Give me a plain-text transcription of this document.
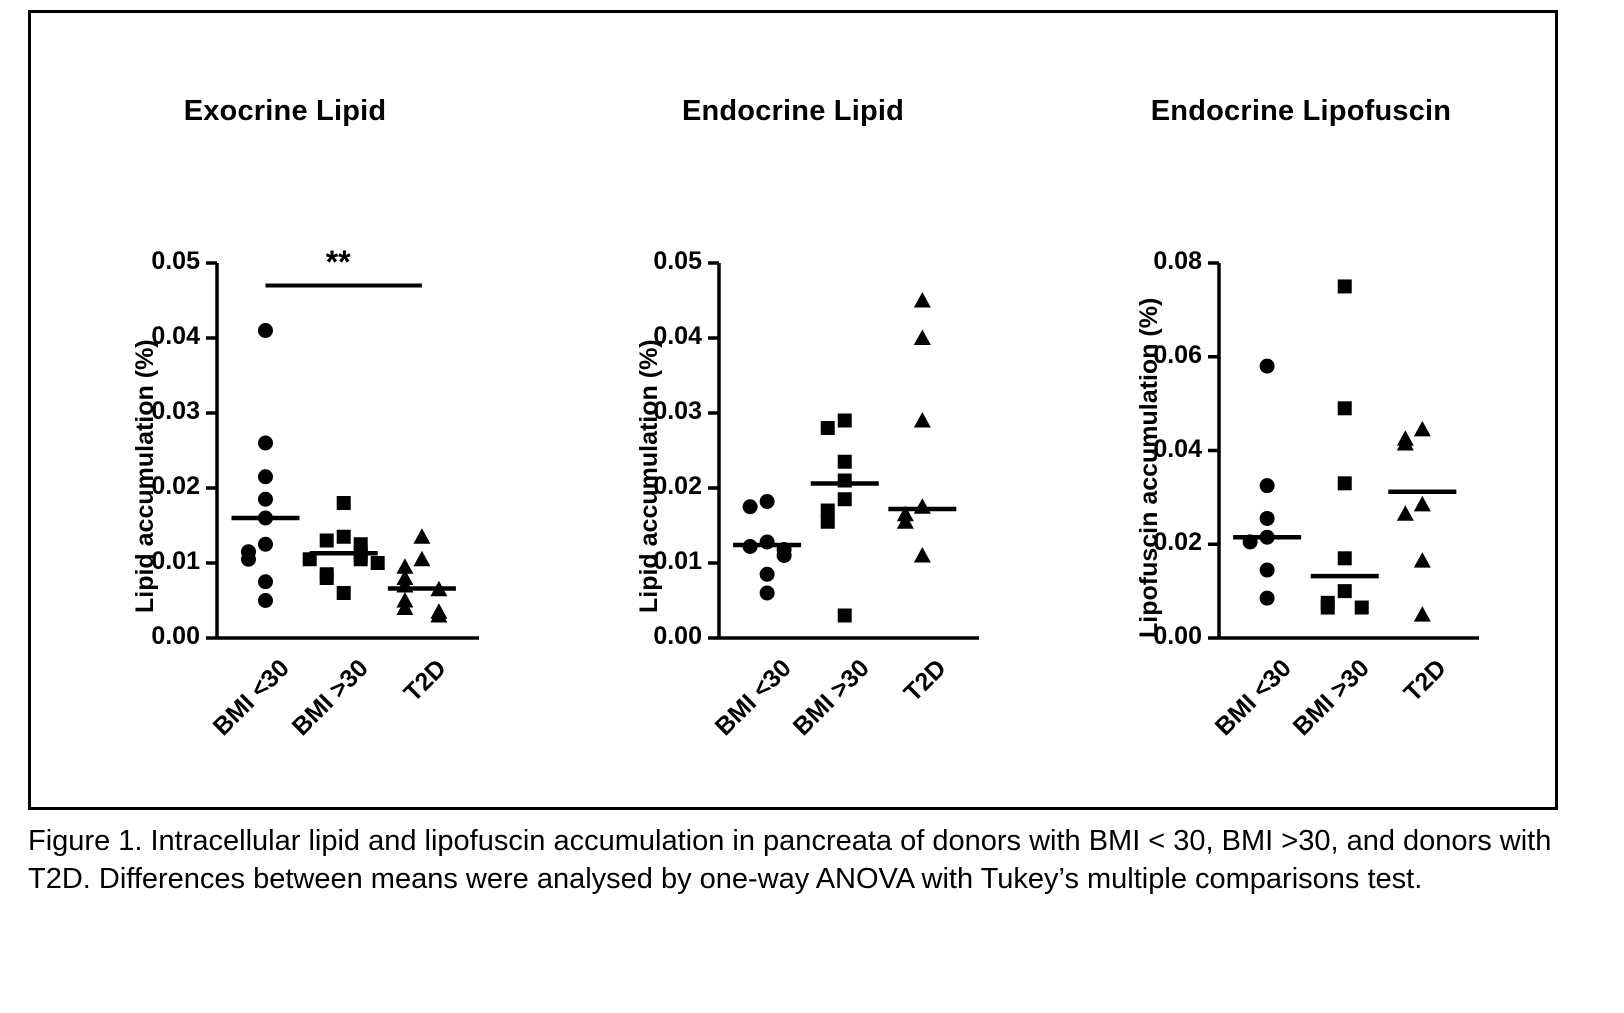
Exocrine Lipid
0.00
0.01
0.02
0.03
0.04
0.05	**
BMI <30
BMI >30	T2D
Lipid accumulation (%)
Endocrine Lipid
0.00
0.01
0.02
0.03
0.04
0.05
BMI <30
BMI >30 T2D
Lipid accumulation (%)
Endocrine Lipofuscin
0.00
0.02
0.04
0.06
0.08
BMI <30
BMI >30 T2D
Lipofuscin accumulation (%)
Figure 1. Intracellular lipid and lipofuscin accumulation in pancreata of donors with BMI < 30, BMI >30, and donors with T2D. Differences between means were analysed by one-way ANOVA with Tukey’s multiple comparisons test.
